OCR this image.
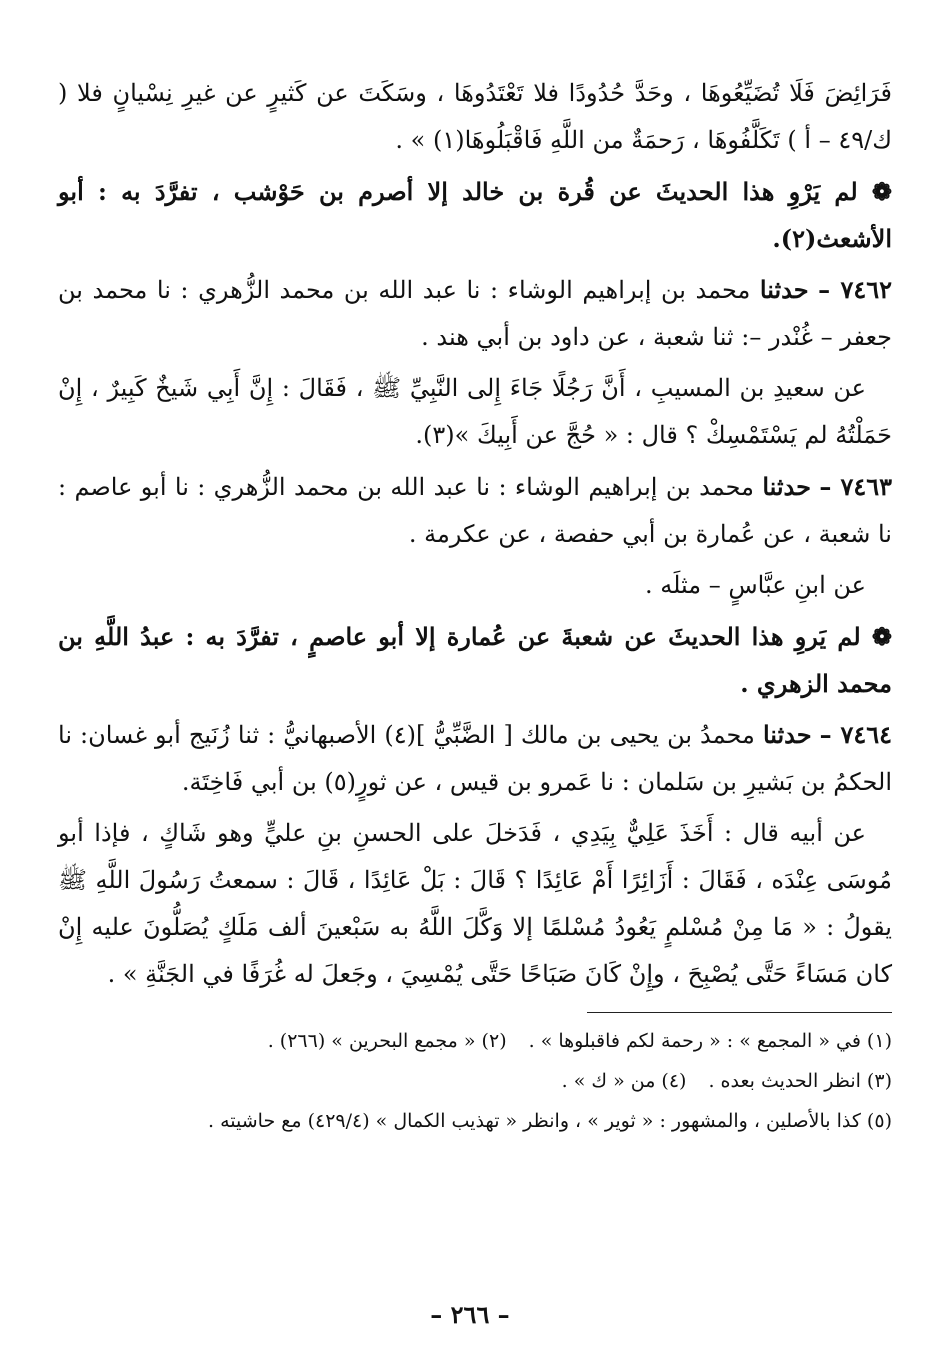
فَرَائِضَ فَلَا تُضَيِّعُوهَا ، وحَدَّ حُدُودًا فلا تَعْتَدُوهَا ، وسَكَتَ عن كَثيرٍ عن غيرِ نِسْيانٍ فلا ( ك/٤٩ – أ ) تَكَلَّفُوهَا ، رَحمَةٌ من اللَّهِ فَاقْبَلُوهَا(١) » .

❁ لم يَرْوِ هذا الحديثَ عن قُرة بن خالد إلا أصرم بن حَوْشب ، تفرَّدَ به : أبو الأشعث(٢).

٧٤٦٢ – حدثنا محمد بن إبراهيم الوشاء : نا عبد الله بن محمد الزُّهري : نا محمد بن جعفر – غُنْدر –: ثنا شعبة ، عن داود بن أبي هند .

عن سعيدِ بن المسيبِ ، أَنَّ رَجُلًا جَاءَ إِلى النَّبِيِّ ﷺ ، فَقَالَ : إِنَّ أَبِي شَيخٌ كَبِيرٌ ، إِنْ حَمَلْتُهُ لم يَسْتَمْسِكْ ؟ قال : « حُجَّ عن أَبِيكَ »(٣).

٧٤٦٣ – حدثنا محمد بن إبراهيم الوشاء : نا عبد الله بن محمد الزُّهري : نا أبو عاصم : نا شعبة ، عن عُمارة بن أبي حفصة ، عن عكرمة .

عن ابنِ عبَّاسٍ – مثلَه .

❁ لم يَروِ هذا الحديثَ عن شعبةَ عن عُمارة إلا أبو عاصمٍ ، تفرَّدَ به : عبدُ اللَّهِ بن محمد الزهري .

٧٤٦٤ – حدثنا محمدُ بن يحيى بن مالك [ الضَّبِّيُّ ](٤) الأصبهانيُّ : ثنا زُنَيج أبو غسان: نا الحكمُ بن بَشيرِ بن سَلمان : نا عَمرو بن قيس ، عن ثورٍ(٥) بن أبي فَاخِتَة.

عن أبيه قال : أَخَذَ عَلِيٌّ بِيَدِي ، فَدَخلَ على الحسنِ بنِ عليٍّ وهو شَاكٍ ، فإذا أبو مُوسَى عِنْدَه ، فَقَالَ : أَزَائِرًا أَمْ عَائِدًا ؟ قَالَ : بَلْ عَائِدًا ، قَالَ : سمعتُ رَسُولَ اللَّهِ ﷺ يقولُ : « مَا مِنْ مُسْلمٍ يَعُودُ مُسْلمًا إلا وَكَّلَ اللَّهُ به سَبْعينَ ألف مَلَكٍ يُصَلُّونَ عليه إِنْ كان مَسَاءً حَتَّى يُصْبِحَ ، وإِنْ كَانَ صَبَاحًا حَتَّى يُمْسِيَ ، وجَعلَ له غُرَفًا في الجَنَّةِ » .

(١) في « المجمع » : « رحمة لكم فاقبلوها » .(٢) « مجمع البحرين » (٢٦٦) .
(٣) انظر الحديث بعده .(٤) من « ك » .
(٥) كذا بالأصلين ، والمشهور : « ثوير » ، وانظر « تهذيب الكمال » (٤٢٩/٤) مع حاشيته .
– ٢٦٦ –
